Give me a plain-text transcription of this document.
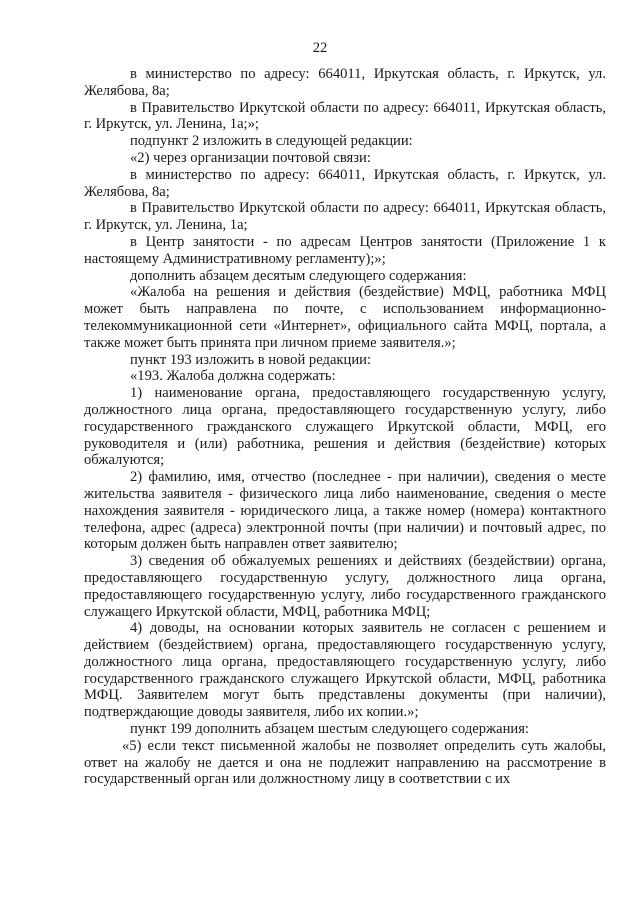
22

в министерство по адресу: 664011, Иркутская область, г. Иркутск, ул. Желябова, 8а;

в Правительство Иркутской области по адресу: 664011, Иркутская область, г. Иркутск, ул. Ленина, 1а;»;

подпункт 2 изложить в следующей редакции:

«2) через организации почтовой связи:

в министерство по адресу: 664011, Иркутская область, г. Иркутск, ул. Желябова, 8а;

в Правительство Иркутской области по адресу: 664011, Иркутская область, г. Иркутск, ул. Ленина, 1а;

в Центр занятости - по адресам Центров занятости (Приложение 1 к настоящему Административному регламенту);»;

дополнить абзацем десятым следующего содержания:

«Жалоба на решения и действия (бездействие) МФЦ, работника МФЦ может быть направлена по почте, с использованием информационно-телекоммуникационной сети «Интернет», официального сайта МФЦ, портала, а также может быть принята при личном приеме заявителя.»;

пункт 193 изложить в новой редакции:

«193. Жалоба должна содержать:

1) наименование органа, предоставляющего государственную услугу, должностного лица органа, предоставляющего государственную услугу, либо государственного гражданского служащего Иркутской области, МФЦ, его руководителя и (или) работника, решения и действия (бездействие) которых обжалуются;

2) фамилию, имя, отчество (последнее - при наличии), сведения о месте жительства заявителя - физического лица либо наименование, сведения о месте нахождения заявителя - юридического лица, а также номер (номера) контактного телефона, адрес (адреса) электронной почты (при наличии) и почтовый адрес, по которым должен быть направлен ответ заявителю;

3) сведения об обжалуемых решениях и действиях (бездействии) органа, предоставляющего государственную услугу, должностного лица органа, предоставляющего государственную услугу, либо государственного гражданского служащего Иркутской области, МФЦ, работника МФЦ;

4) доводы, на основании которых заявитель не согласен с решением и действием (бездействием) органа, предоставляющего государственную услугу, должностного лица органа, предоставляющего государственную услугу, либо государственного гражданского служащего Иркутской области, МФЦ, работника МФЦ. Заявителем могут быть представлены документы (при наличии), подтверждающие доводы заявителя, либо их копии.»;

пункт 199 дополнить абзацем шестым следующего содержания:

«5) если текст письменной жалобы не позволяет определить суть жалобы, ответ на жалобу не дается и она не подлежит направлению на рассмотрение в государственный орган или должностному лицу в соответствии с их
